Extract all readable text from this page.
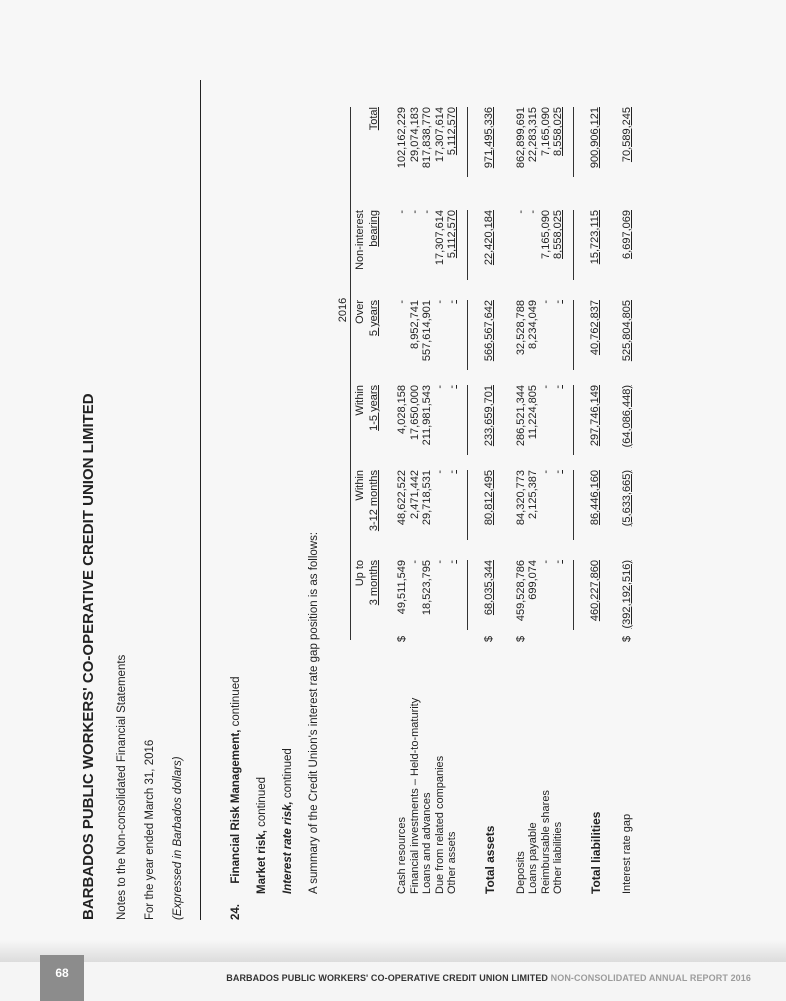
BARBADOS PUBLIC WORKERS' CO-OPERATIVE CREDIT UNION LIMITED Notes to the Non-consolidated Financial Statements For the year ended March 31, 2016 (Expressed in Barbados dollars)	24.  Financial Risk Management, continued
Market risk, continued Interest rate risk, continued A summary of the Credit Union's interest rate gap position is as follows:
2016
Up to 3 months
Within 3-12 months
Within 1-5 years
Over 5 years
Non-interest bearing
Total
Cash resources
$
49,511,549
48,622,522
4,028,158
-
-
102,162,229
Financial investments – Held-to-maturity
-
2,471,442
17,650,000
8,952,741
-
29,074,183
Loans and advances
18,523,795
29,718,531
211,981,543
557,614,901
-
817,838,770
Due from related companies
-
-
-
-
17,307,614
17,307,614
Other assets
-
-
-
-
5,112,570
5,112,570
Total assets
$
68,035,344
80,812,495
233,659,701
566,567,642
22,420,184
971,495,336
Deposits
$
459,528,786
84,320,773
286,521,344
32,528,788
-
862,899,691
Loans payable
699,074
2,125,387
11,224,805
8,234,049
-
22,283,315
Reimbursable shares
-
-
-
-
7,165,090
7,165,090
Other liabilities
-
-
-
-
8,558,025
8,558,025
Total liabilities
460,227,860
86,446,160
297,746,149
40,762,837
15,723,115
900,906,121
Interest rate gap
$
(392,192,516)
(5,633,665)
(64,086,448)
525,804,805
6,697,069
70,589,245
68	BARBADOS PUBLIC WORKERS' CO-OPERATIVE CREDIT UNION LIMITED NON-CONSOLIDATED ANNUAL REPORT 2016
